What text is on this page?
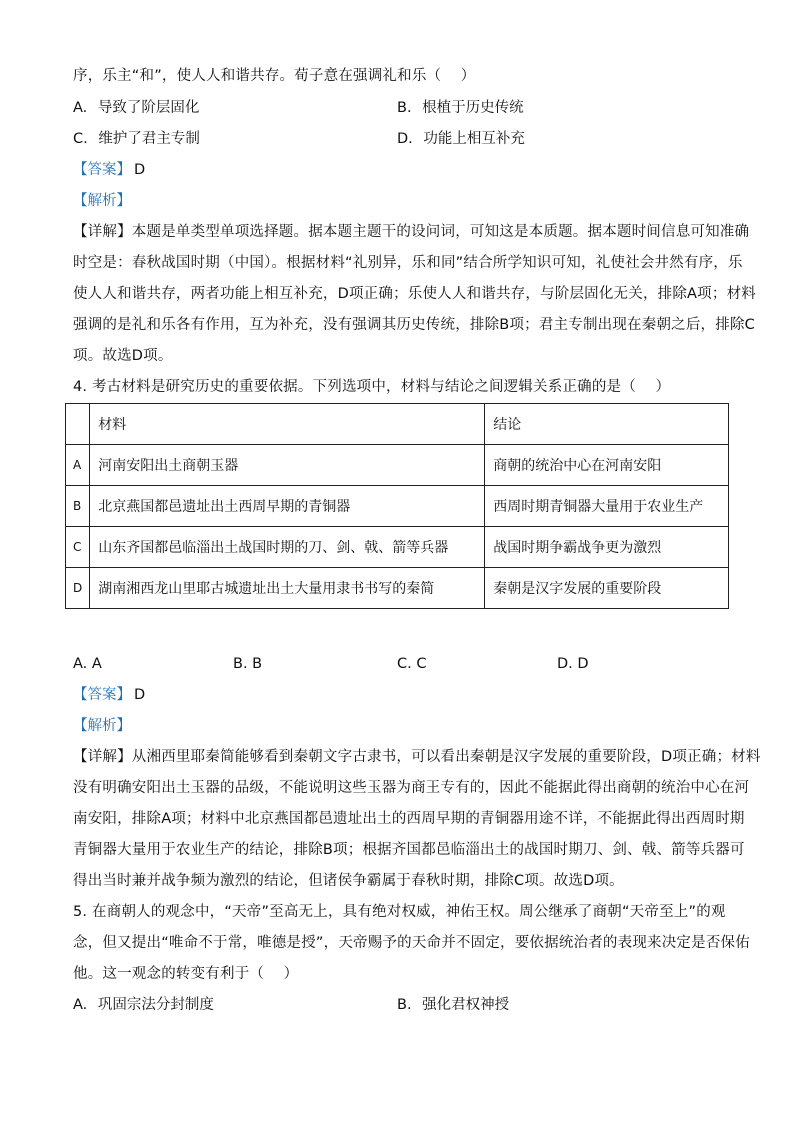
序，乐主“和”，使人人和谐共存。荀子意在强调礼和乐（　 ）
A. 导致了阶层固化	B. 根植于历史传统
C. 维护了君主专制	D. 功能上相互补充
【答案】 D
【解析】
【详解】本题是单类型单项选择题。据本题主题干的设问词，可知这是本质题。据本题时间信息可知准确
时空是：春秋战国时期（中国）。根据材料“礼别异，乐和同”结合所学知识可知，礼使社会井然有序，乐
使人人和谐共存，两者功能上相互补充，D项正确；乐使人人和谐共存，与阶层固化无关，排除A项；材料
强调的是礼和乐各有作用，互为补充，没有强调其历史传统，排除B项；君主专制出现在秦朝之后，排除C
项。故选D项。
4. 考古材料是研究历史的重要依据。下列选项中，材料与结论之间逻辑关系正确的是（　 ）
	材料	结论
A	河南安阳出土商朝玉器	商朝的统治中心在河南安阳
B	北京燕国都邑遗址出土西周早期的青铜器	西周时期青铜器大量用于农业生产
C	山东齐国都邑临淄出土战国时期的刀、剑、戟、箭等兵器	战国时期争霸战争更为激烈
D	湖南湘西龙山里耶古城遗址出土大量用隶书书写的秦简	秦朝是汉字发展的重要阶段
A. A	B. B	C. C	D. D
【答案】 D
【解析】
【详解】从湘西里耶秦简能够看到秦朝文字古隶书，可以看出秦朝是汉字发展的重要阶段，D项正确；材料
没有明确安阳出土玉器的品级，不能说明这些玉器为商王专有的，因此不能据此得出商朝的统治中心在河
南安阳，排除A项；材料中北京燕国都邑遗址出土的西周早期的青铜器用途不详，不能据此得出西周时期
青铜器大量用于农业生产的结论，排除B项；根据齐国都邑临淄出土的战国时期刀、剑、戟、箭等兵器可
得出当时兼并战争频为激烈的结论，但诸侯争霸属于春秋时期，排除C项。故选D项。
5. 在商朝人的观念中，“天帝”至高无上，具有绝对权威，神佑王权。周公继承了商朝“天帝至上”的观
念，但又提出“唯命不于常，唯德是授”，天帝赐予的天命并不固定，要依据统治者的表现来决定是否保佑
他。这一观念的转变有利于（　 ）
A. 巩固宗法分封制度	B. 强化君权神授
